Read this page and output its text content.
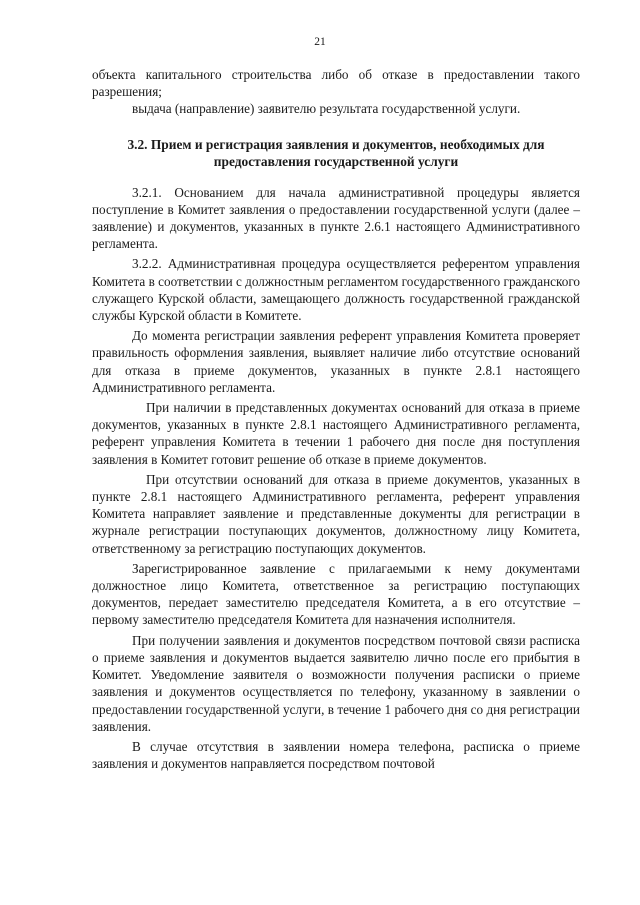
21

объекта капитального строительства либо об отказе в предоставлении такого разрешения;

выдача (направление) заявителю результата государственной услуги.

3.2. Прием и регистрация заявления и документов, необходимых для предоставления государственной услуги

3.2.1. Основанием для начала административной процедуры является поступление в Комитет заявления о предоставлении государственной услуги (далее – заявление) и документов, указанных в пункте 2.6.1 настоящего Административного регламента.

3.2.2. Административная процедура осуществляется референтом управления Комитета в соответствии с должностным регламентом государственного гражданского служащего Курской области, замещающего должность государственной гражданской службы Курской области в Комитете.

До момента регистрации заявления референт управления Комитета проверяет правильность оформления заявления, выявляет наличие либо отсутствие оснований для отказа в приеме документов, указанных в пункте 2.8.1 настоящего Административного регламента.

При наличии в представленных документах оснований для отказа в приеме документов, указанных в пункте 2.8.1 настоящего Административного регламента, референт управления Комитета в течении 1 рабочего дня после дня поступления заявления в Комитет готовит решение об отказе в приеме документов.

При отсутствии оснований для отказа в приеме документов, указанных в пункте 2.8.1 настоящего Административного регламента, референт управления Комитета направляет заявление и представленные документы для регистрации в журнале регистрации поступающих документов, должностному лицу Комитета, ответственному за регистрацию поступающих документов.

Зарегистрированное заявление с прилагаемыми к нему документами должностное лицо Комитета, ответственное за регистрацию поступающих документов, передает заместителю председателя Комитета, а в его отсутствие – первому заместителю председателя Комитета для назначения исполнителя.

При получении заявления и документов посредством почтовой связи расписка о приеме заявления и документов выдается заявителю лично после его прибытия в Комитет. Уведомление заявителя о возможности получения расписки о приеме заявления и документов осуществляется по телефону, указанному в заявлении о предоставлении государственной услуги, в течение 1 рабочего дня со дня регистрации заявления.

В случае отсутствия в заявлении номера телефона, расписка о приеме заявления и документов направляется посредством почтовой
